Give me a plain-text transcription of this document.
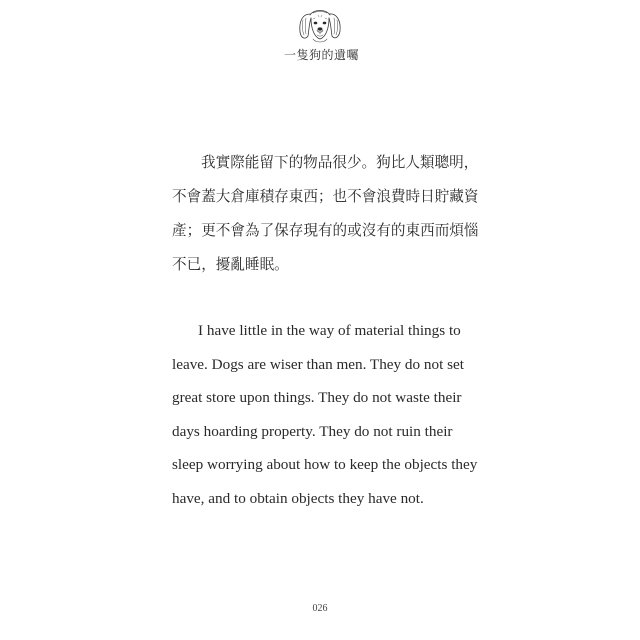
一隻狗的遺囑
我實際能留下的物品很少。狗比人類聰明，
不會蓋大倉庫積存東西；也不會浪費時日貯藏資
產；更不會為了保存現有的或沒有的東西而煩惱
不已，擾亂睡眠。
I have little in the way of material things to
leave. Dogs are wiser than men. They do not set
great store upon things. They do not waste their
days hoarding property. They do not ruin their
sleep worrying about how to keep the objects they
have, and to obtain objects they have not.
026
